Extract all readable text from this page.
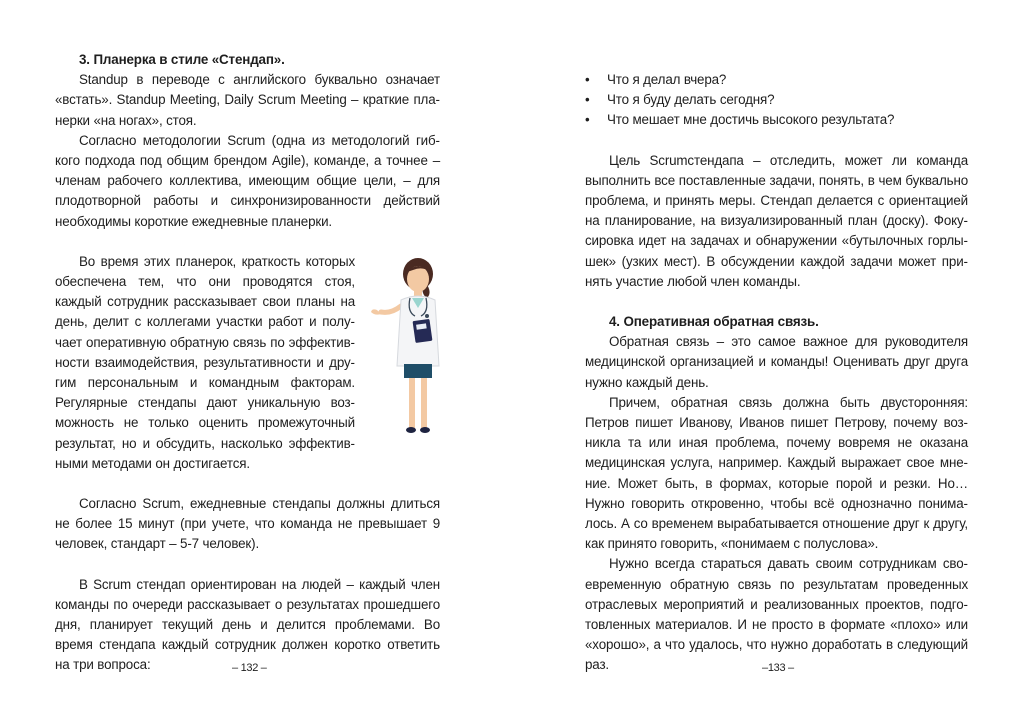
3. Планерка в стиле «Стендап».

Standup в переводе с английского буквально означает «встать». Standup Meeting, Daily Scrum Meeting – краткие планерки «на ногах», стоя.

Согласно методологии Scrum (одна из методологий гибкого подхода под общим брендом Agile), команде, а точнее – членам рабочего коллектива, имеющим общие цели, – для плодотворной работы и синхронизированности действий необходимы короткие ежедневные планерки.

Во время этих планерок, краткость которых обеспечена тем, что они проводятся стоя, каждый сотрудник рассказывает свои планы на день, делит с коллегами участки работ и получает оперативную обратную связь по эффективности взаимодействия, результативности и другим персональным и командным факторам. Регулярные стендапы дают уникальную возможность не только оценить промежуточный результат, но и обсудить, насколько эффективными методами он достигается.

Согласно Scrum, ежедневные стендапы должны длиться не более 15 минут (при учете, что команда не превышает 9 человек, стандарт – 5-7 человек).

В Scrum стендап ориентирован на людей – каждый член команды по очереди рассказывает о результатах прошедшего дня, планирует текущий день и делится проблемами. Во время стендапа каждый сотрудник должен коротко ответить на три вопроса:	– 132 –
• Что я делал вчера?
• Что я буду делать сегодня?
• Что мешает мне достичь высокого результата?

Цель Scrumстендапа – отследить, может ли команда выполнить все поставленные задачи, понять, в чем буквально проблема, и принять меры. Стендап делается с ориентацией на планирование, на визуализированный план (доску). Фокусировка идет на задачах и обнаружении «бутылочных горлышек» (узких мест). В обсуждении каждой задачи может принять участие любой член команды.

4. Оперативная обратная связь.

Обратная связь – это самое важное для руководителя медицинской организацией и команды! Оценивать друг друга нужно каждый день.

Причем, обратная связь должна быть двусторонняя: Петров пишет Иванову, Иванов пишет Петрову, почему возникла та или иная проблема, почему вовремя не оказана медицинская услуга, например. Каждый выражает свое мнение. Может быть, в формах, которые порой и резки. Но… Нужно говорить откровенно, чтобы всё однозначно понималось. А со временем вырабатывается отношение друг к другу, как принято говорить, «понимаем с полуслова».

Нужно всегда стараться давать своим сотрудникам своевременную обратную связь по результатам проведенных отраслевых мероприятий и реализованных проектов, подготовленных материалов. И не просто в формате «плохо» или «хорошо», а что удалось, что нужно доработать в следующий раз.	–133 –
